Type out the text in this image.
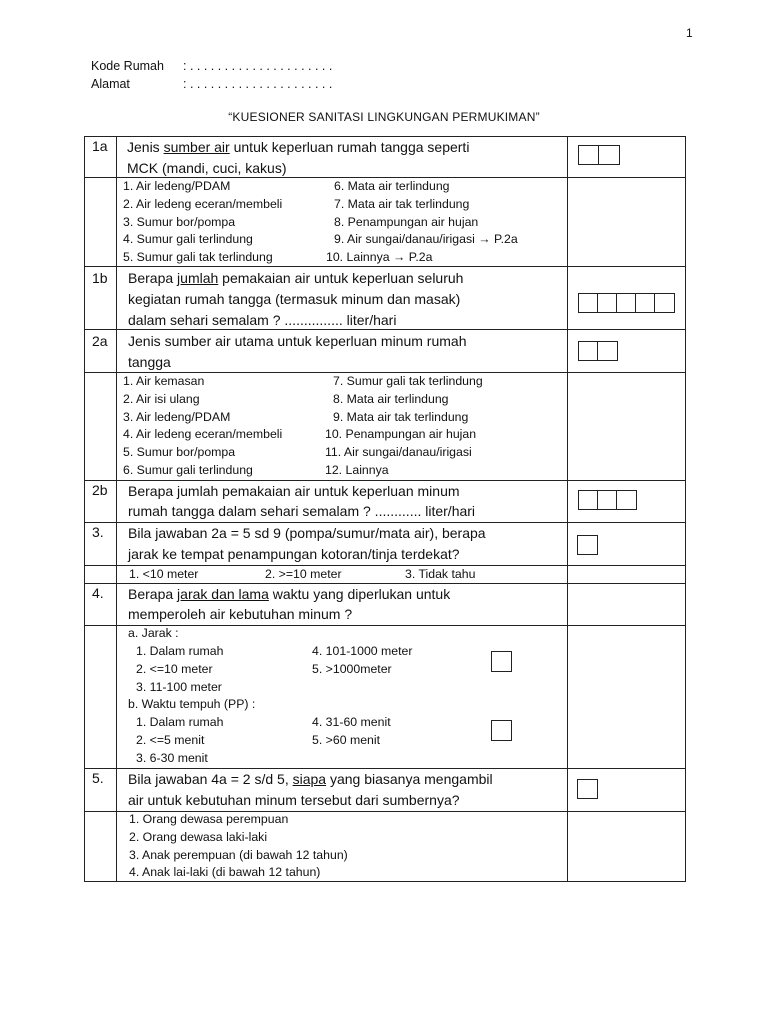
1
Kode Rumah : . . . . . . . . . . . . . . . . . . . . .
Alamat	: . . . . . . . . . . . . . . . . . . . . .
“KUESIONER SANITASI LINGKUNGAN PERMUKIMAN”
1a Jenis sumber air untuk keperluan rumah tangga seperti
MCK (mandi, cuci, kakus)
1. Air ledeng/PDAM
2. Air ledeng eceran/membeli
3. Sumur bor/pompa
4. Sumur gali terlindung
5. Sumur gali tak terlindung
6. Mata air terlindung
7. Mata air tak terlindung
8. Penampungan air hujan
9. Air sungai/danau/irigasi → P.2a
10. Lainnya → P.2a
1b Berapa jumlah pemakaian air untuk keperluan seluruh
kegiatan rumah tangga (termasuk minum dan masak)
dalam sehari semalam ? ............... liter/hari
2a Jenis sumber air utama untuk keperluan minum rumah
tangga
1. Air kemasan
2. Air isi ulang
3. Air ledeng/PDAM
4. Air ledeng eceran/membeli
5. Sumur bor/pompa
6. Sumur gali terlindung
7. Sumur gali tak terlindung
8. Mata air terlindung
9. Mata air tak terlindung
10. Penampungan air hujan
11. Air sungai/danau/irigasi
12. Lainnya
2b Berapa jumlah pemakaian air untuk keperluan minum
rumah tangga dalam sehari semalam ? ............ liter/hari
3. Bila jawaban 2a = 5 sd 9 (pompa/sumur/mata air), berapa
jarak ke tempat penampungan kotoran/tinja terdekat?
1. <10 meter	2. >=10 meter	3. Tidak tahu
4. Berapa jarak dan lama waktu yang diperlukan untuk
memperoleh air kebutuhan minum ?
a. Jarak :
1. Dalam rumah
2. <=10 meter
3. 11-100 meter
4. 101-1000 meter
5. >1000meter
b. Waktu tempuh (PP) :
1. Dalam rumah
2. <=5 menit
3. 6-30 menit
4. 31-60 menit
5. >60 menit
5. Bila jawaban 4a = 2 s/d 5, siapa yang biasanya mengambil
air untuk kebutuhan minum tersebut dari sumbernya?
1. Orang dewasa perempuan
2. Orang dewasa laki-laki
3. Anak perempuan (di bawah 12 tahun)
4. Anak lai-laki (di bawah 12 tahun)
